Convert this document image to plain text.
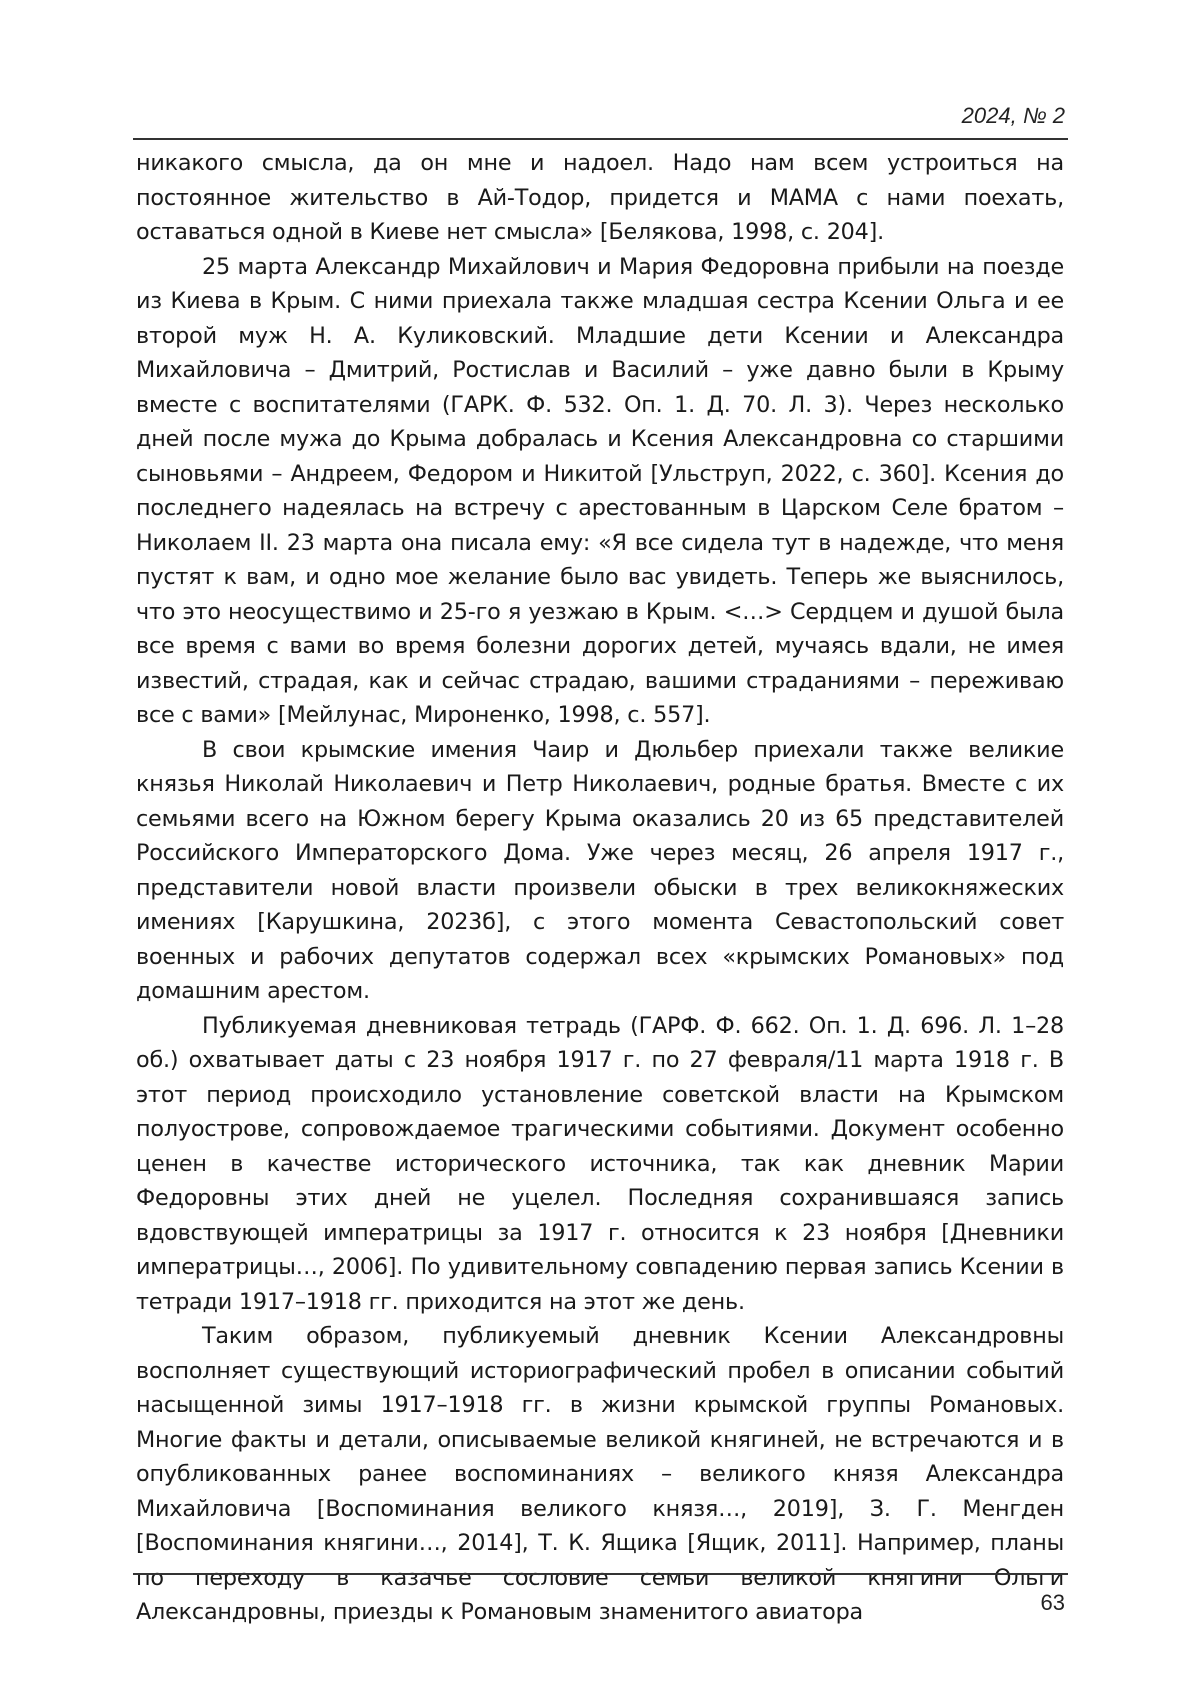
2024, № 2

никакого смысла, да он мне и надоел. Надо нам всем устроиться на постоянное жительство в Ай-Тодор, придется и МАМА с нами поехать, оставаться одной в Киеве нет смысла» [Белякова, 1998, с. 204].

25 марта Александр Михайлович и Мария Федоровна прибыли на поезде из Киева в Крым. С ними приехала также младшая сестра Ксении Ольга и ее второй муж Н. А. Куликовский. Младшие дети Ксении и Александра Михайловича – Дмитрий, Ростислав и Василий – уже давно были в Крыму вместе с воспитателями (ГАРК. Ф. 532. Оп. 1. Д. 70. Л. 3). Через несколько дней после мужа до Крыма добралась и Ксения Александровна со старшими сыновьями – Андреем, Федором и Никитой [Ульструп, 2022, с. 360]. Ксения до последнего надеялась на встречу с арестованным в Царском Селе братом – Николаем II. 23 марта она писала ему: «Я все сидела тут в надежде, что меня пустят к вам, и одно мое желание было вас увидеть. Теперь же выяснилось, что это неосуществимо и 25-го я уезжаю в Крым. <…> Сердцем и душой была все время с вами во время болезни дорогих детей, мучаясь вдали, не имея известий, страдая, как и сейчас страдаю, вашими страданиями – переживаю все с вами» [Мейлунас, Мироненко, 1998, с. 557].

В свои крымские имения Чаир и Дюльбер приехали также великие князья Николай Николаевич и Петр Николаевич, родные братья. Вместе с их семьями всего на Южном берегу Крыма оказались 20 из 65 представителей Российского Императорского Дома. Уже через месяц, 26 апреля 1917 г., представители новой власти произвели обыски в трех великокняжеских имениях [Карушкина, 2023б], с этого момента Севастопольский совет военных и рабочих депутатов содержал всех «крымских Романовых» под домашним арестом.

Публикуемая дневниковая тетрадь (ГАРФ. Ф. 662. Оп. 1. Д. 696. Л. 1–28 об.) охватывает даты с 23 ноября 1917 г. по 27 февраля/11 марта 1918 г. В этот период происходило установление советской власти на Крымском полуострове, сопровождаемое трагическими событиями. Документ особенно ценен в качестве исторического источника, так как дневник Марии Федоровны этих дней не уцелел. Последняя сохранившаяся запись вдовствующей императрицы за 1917 г. относится к 23 ноября [Дневники императрицы…, 2006]. По удивительному совпадению первая запись Ксении в тетради 1917–1918 гг. приходится на этот же день.

Таким образом, публикуемый дневник Ксении Александровны восполняет существующий историографический пробел в описании событий насыщенной зимы 1917–1918 гг. в жизни крымской группы Романовых. Многие факты и детали, описываемые великой княгиней, не встречаются и в опубликованных ранее воспоминаниях – великого князя Александра Михайловича [Воспоминания великого князя…, 2019], З. Г. Менгден [Воспоминания княгини…, 2014], Т. К. Ящика [Ящик, 2011]. Например, планы по переходу в казачье сословие семьи великой княгини Ольги Александровны, приезды к Романовым знаменитого авиатора	63
